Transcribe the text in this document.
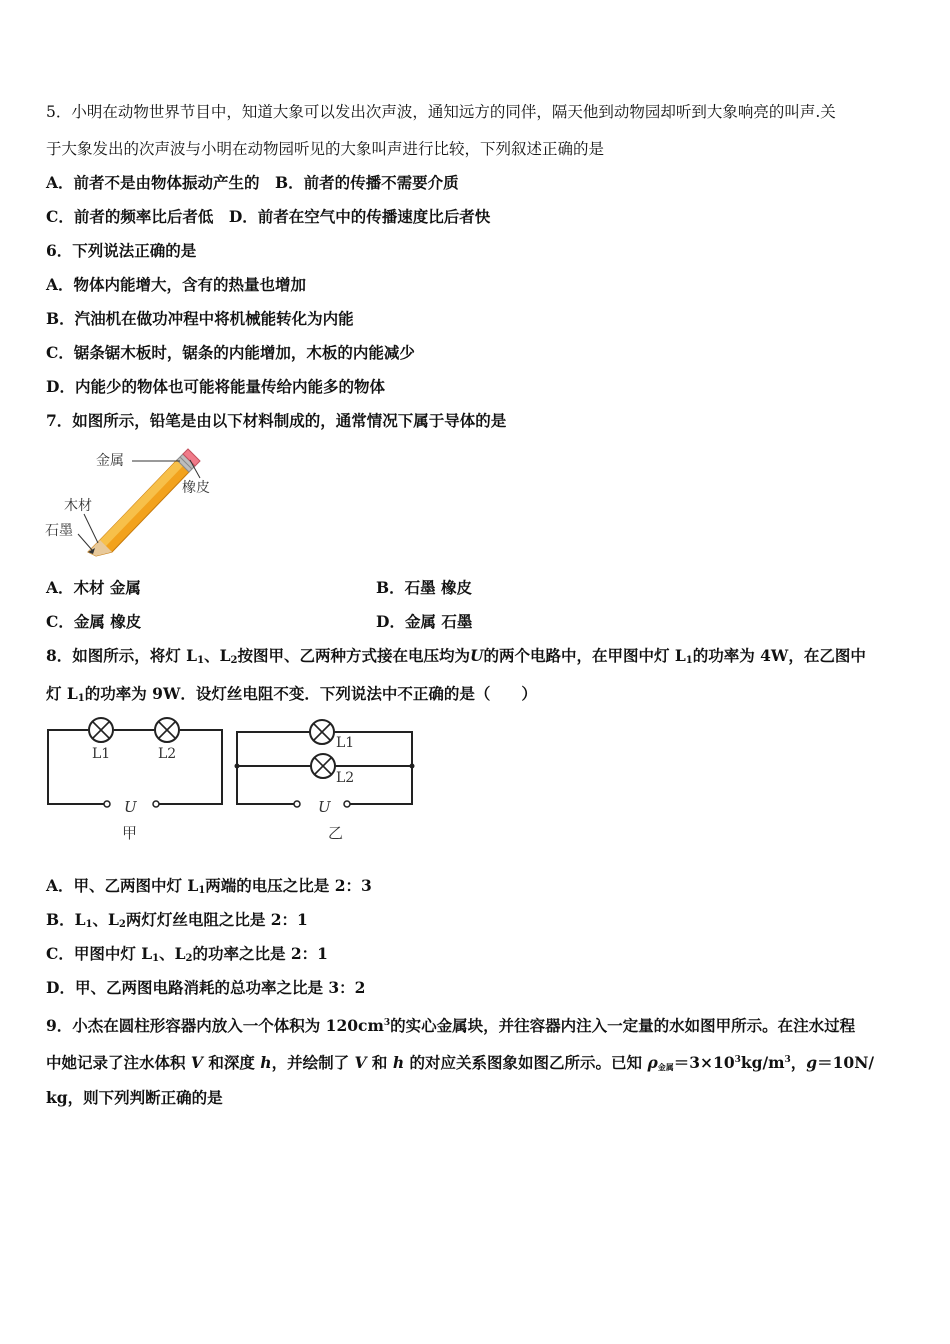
5．小明在动物世界节目中，知道大象可以发出次声波，通知远方的同伴，隔天他到动物园却听到大象响亮的叫声.关
于大象发出的次声波与小明在动物园听见的大象叫声进行比较，下列叙述正确的是
A．前者不是由物体振动产生的　B．前者的传播不需要介质
C．前者的频率比后者低　D．前者在空气中的传播速度比后者快
6．下列说法正确的是
A．物体内能增大，含有的热量也增加
B．汽油机在做功冲程中将机械能转化为内能
C．锯条锯木板时，锯条的内能增加，木板的内能减少
D．内能少的物体也可能将能量传给内能多的物体
7．如图所示，铅笔是由以下材料制成的，通常情况下属于导体的是
金属
橡皮
木材
石墨
A．木材 金属	B．石墨 橡皮
C．金属 橡皮	D．金属 石墨
8．如图所示，将灯 $L_1$、$L_2$按图甲、乙两种方式接在电压均为U的两个电路中，在甲图中灯 $L_1$的功率为 4W，在乙图中
灯 $L_1$的功率为 9W．设灯丝电阻不变．下列说法中不正确的是（　　）
L1	L2
U
甲
L1
L2
U
乙
A．甲、乙两图中灯 $L_1$两端的电压之比是 2：3
B．$L_1$、$L_2$两灯灯丝电阻之比是 2：1
C．甲图中灯 $L_1$、$L_2$的功率之比是 2：1
D．甲、乙两图电路消耗的总功率之比是 3：2
9．小杰在圆柱形容器内放入一个体积为 $120cm^3$的实心金属块，并往容器内注入一定量的水如图甲所示。在注水过程
中她记录了注水体积 V 和深度 h，并绘制了 V 和 h 的对应关系图象如图乙所示。已知 $\rho_{金属}=3\times 10^3kg/m^3$，g＝10N/
kg，则下列判断正确的是
